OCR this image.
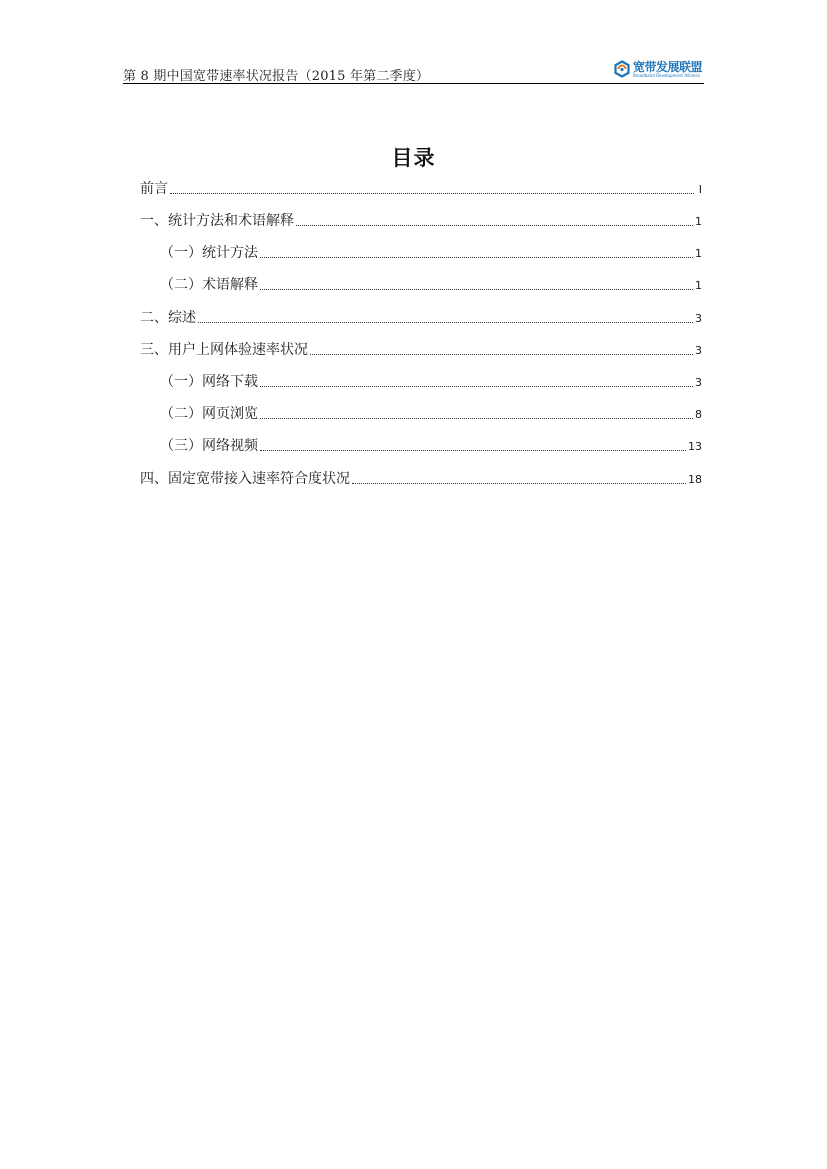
第 8 期中国宽带速率状况报告（2015 年第二季度）
宽带发展联盟
Broadband Development Alliance
目录
前言	I
一、统计方法和术语解释	1
（一）统计方法	1
（二）术语解释	1
二、综述	3
三、用户上网体验速率状况	3
（一）网络下载	3
（二）网页浏览	8
（三）网络视频	13
四、固定宽带接入速率符合度状况	18
